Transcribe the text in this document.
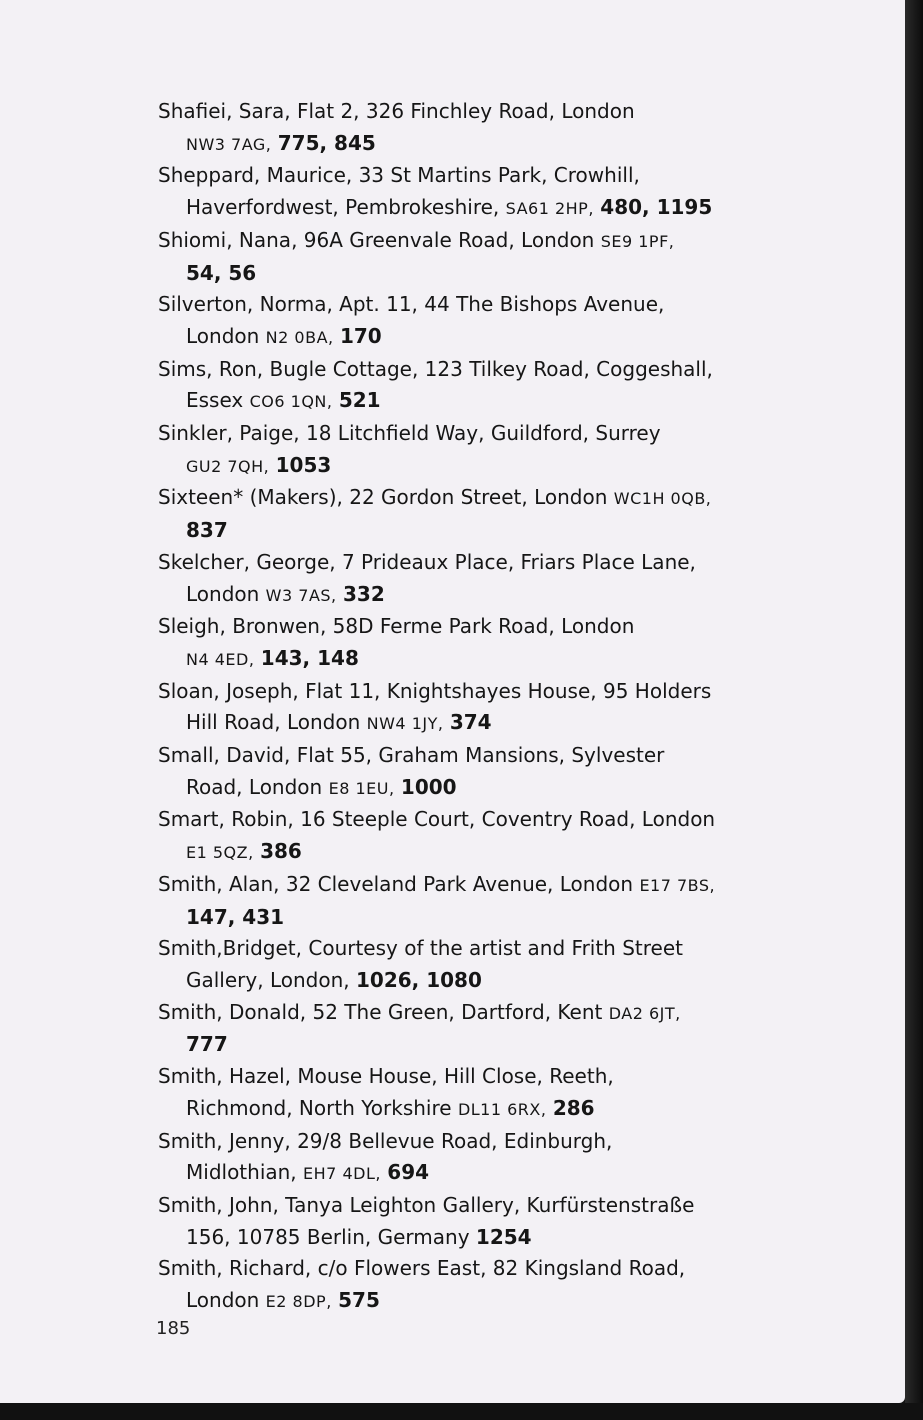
Shafiei, Sara, Flat 2, 326 Finchley Road, London
NW3 7AG, 775, 845

Sheppard, Maurice, 33 St Martins Park, Crowhill,
Haverfordwest, Pembrokeshire, SA61 2HP, 480, 1195

Shiomi, Nana, 96A Greenvale Road, London SE9 1PF,
54, 56

Silverton, Norma, Apt. 11, 44 The Bishops Avenue,
London N2 0BA, 170

Sims, Ron, Bugle Cottage, 123 Tilkey Road, Coggeshall,
Essex CO6 1QN, 521

Sinkler, Paige, 18 Litchfield Way, Guildford, Surrey
GU2 7QH, 1053

Sixteen* (Makers), 22 Gordon Street, London WC1H 0QB,
837

Skelcher, George, 7 Prideaux Place, Friars Place Lane,
London W3 7AS, 332

Sleigh, Bronwen, 58D Ferme Park Road, London
N4 4ED, 143, 148

Sloan, Joseph, Flat 11, Knightshayes House, 95 Holders
Hill Road, London NW4 1JY, 374

Small, David, Flat 55, Graham Mansions, Sylvester
Road, London E8 1EU, 1000

Smart, Robin, 16 Steeple Court, Coventry Road, London
E1 5QZ, 386

Smith, Alan, 32 Cleveland Park Avenue, London E17 7BS,
147, 431

Smith,Bridget, Courtesy of the artist and Frith Street
Gallery, London, 1026, 1080

Smith, Donald, 52 The Green, Dartford, Kent DA2 6JT,
777

Smith, Hazel, Mouse House, Hill Close, Reeth,
Richmond, North Yorkshire DL11 6RX, 286

Smith, Jenny, 29/8 Bellevue Road, Edinburgh,
Midlothian, EH7 4DL, 694

Smith, John, Tanya Leighton Gallery, Kurfürstenstraße
156, 10785 Berlin, Germany 1254

Smith, Richard, c/o Flowers East, 82 Kingsland Road,
London E2 8DP, 575

185
